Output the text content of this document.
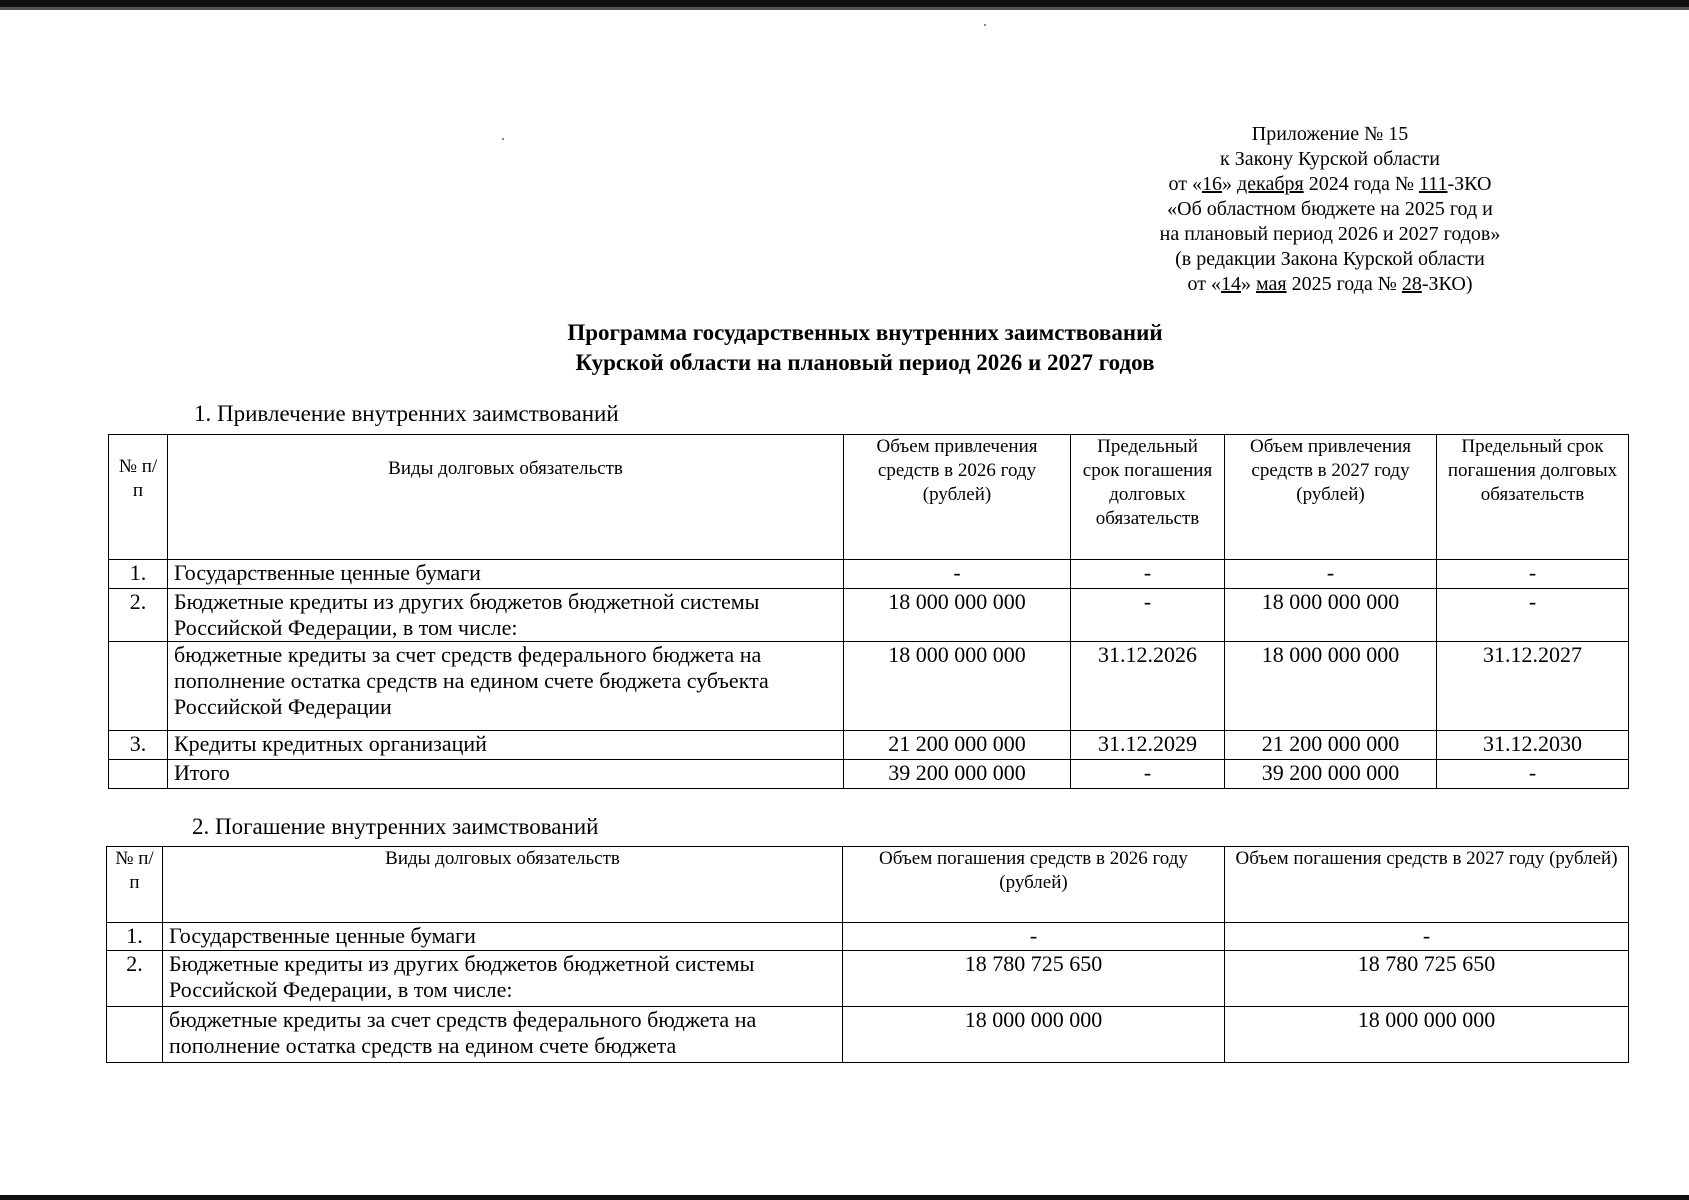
Приложение № 15
к Закону Курской области
от «16» декабря 2024 года № 111-ЗКО
«Об областном бюджете на 2025 год и
на плановый период 2026 и 2027 годов»
(в редакции Закона Курской области
от «14» мая 2025 года № 28-ЗКО)
Программа государственных внутренних заимствований
Курской области на плановый период 2026 и 2027 годов
1. Привлечение внутренних заимствований
№ п/п	Виды долговых обязательств	Объем привлечения средств в 2026 году (рублей)	Предельный срок погашения долговых обязательств	Объем привлечения средств в 2027 году (рублей)	Предельный срок погашения долговых обязательств
1.	Государственные ценные бумаги	-	-	-	-
2.	Бюджетные кредиты из других бюджетов бюджетной системы Российской Федерации, в том числе:	18 000 000 000	-	18 000 000 000	-
	бюджетные кредиты за счет средств федерального бюджета на пополнение остатка средств на едином счете бюджета субъекта Российской Федерации	18 000 000 000	31.12.2026	18 000 000 000	31.12.2027
3.	Кредиты кредитных организаций	21 200 000 000	31.12.2029	21 200 000 000	31.12.2030
	Итого	39 200 000 000	-	39 200 000 000	-
2. Погашение внутренних заимствований
№ п/п	Виды долговых обязательств	Объем погашения средств в 2026 году (рублей)	Объем погашения средств в 2027 году (рублей)
1.	Государственные ценные бумаги	-	-
2.	Бюджетные кредиты из других бюджетов бюджетной системы Российской Федерации, в том числе:	18 780 725 650	18 780 725 650
	бюджетные кредиты за счет средств федерального бюджета на пополнение остатка средств на едином счете бюджета	18 000 000 000	18 000 000 000
